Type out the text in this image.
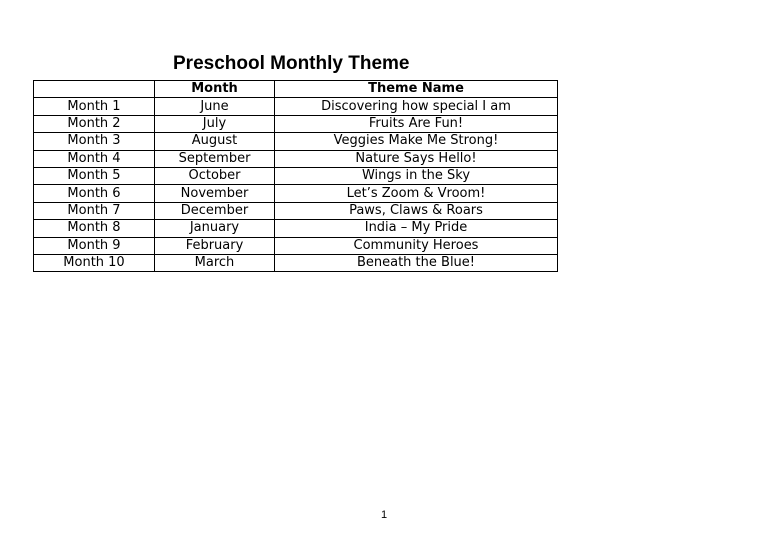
Preschool Monthly Theme
	Month	Theme Name
Month 1	June	Discovering how special I am
Month 2	July	Fruits Are Fun!
Month 3	August	Veggies Make Me Strong!
Month 4	September	Nature Says Hello!
Month 5	October	Wings in the Sky
Month 6	November	Let’s Zoom & Vroom!
Month 7	December	Paws, Claws & Roars
Month 8	January	India – My Pride
Month 9	February	Community Heroes
Month 10	March	Beneath the Blue!
1
